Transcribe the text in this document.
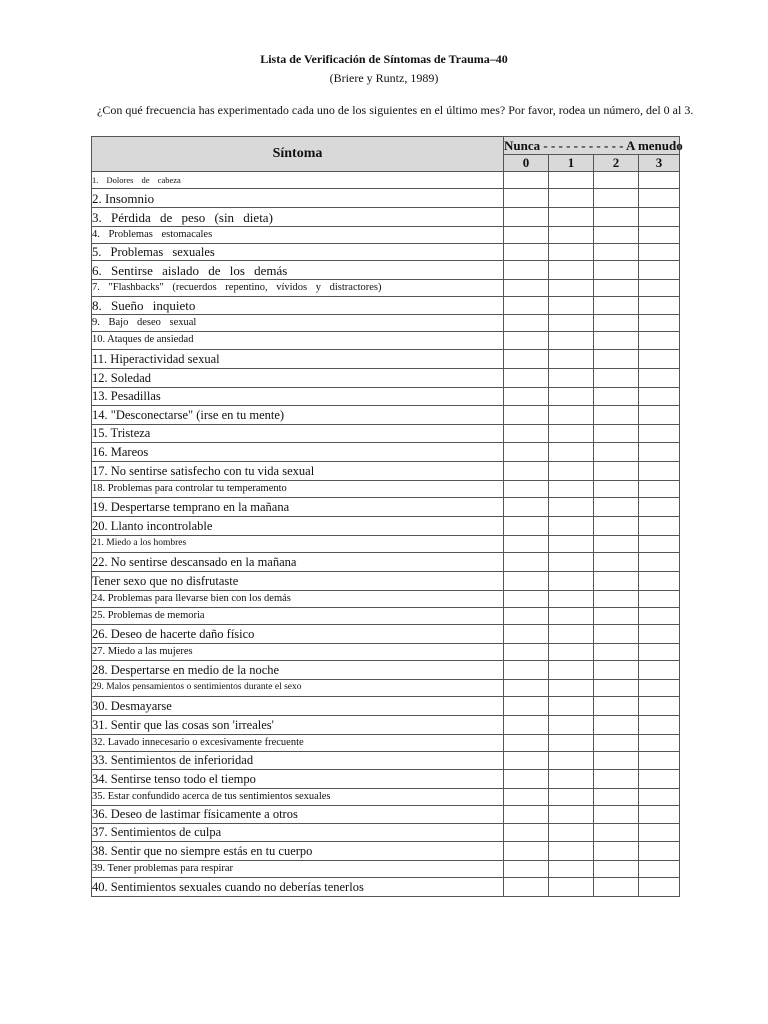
Lista de Verificación de Síntomas de Trauma–40
(Briere y Runtz, 1989)
¿Con qué frecuencia has experimentado cada uno de los siguientes en el último mes? Por favor, rodea un número, del 0 al 3.
Síntoma	Nunca - - - - - - - - - - - A menudo			
	0	1	2	3
1. Dolores de cabeza				
2. Insomnio				
3. Pérdida de peso (sin dieta)				
4. Problemas estomacales				
5. Problemas sexuales				
6. Sentirse aislado de los demás				
7. "Flashbacks" (recuerdos repentino, vívidos y distractores)				
8. Sueño inquieto				
9. Bajo deseo sexual				
10. Ataques de ansiedad				
11. Hiperactividad sexual				
12. Soledad				
13. Pesadillas				
14. "Desconectarse" (irse en tu mente)				
15. Tristeza				
16. Mareos				
17. No sentirse satisfecho con tu vida sexual				
18. Problemas para controlar tu temperamento				
19. Despertarse temprano en la mañana				
20. Llanto incontrolable				
21. Miedo a los hombres				
22. No sentirse descansado en la mañana				
Tener sexo que no disfrutaste				
24. Problemas para llevarse bien con los demás				
25. Problemas de memoria				
26. Deseo de hacerte daño físico				
27. Miedo a las mujeres				
28. Despertarse en medio de la noche				
29. Malos pensamientos o sentimientos durante el sexo				
30. Desmayarse				
31. Sentir que las cosas son 'irreales'				
32. Lavado innecesario o excesivamente frecuente				
33. Sentimientos de inferioridad				
34. Sentirse tenso todo el tiempo				
35. Estar confundido acerca de tus sentimientos sexuales				
36. Deseo de lastimar físicamente a otros				
37. Sentimientos de culpa				
38. Sentir que no siempre estás en tu cuerpo				
39. Tener problemas para respirar				
40. Sentimientos sexuales cuando no deberías tenerlos				
